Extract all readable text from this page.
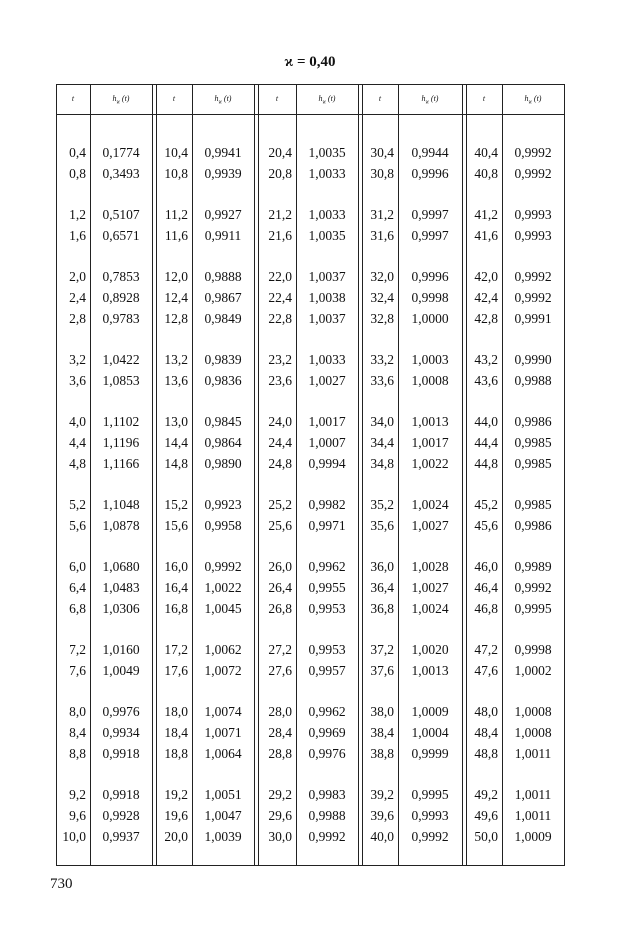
ϰ = 0,40
t	$h_ϰ$ (t)	t	$h_ϰ$ (t)	t	$h_ϰ$ (t)	t	$h_ϰ$ (t)	t	$h_ϰ$ (t)
0,4	0,1774	10,4	0,9941	20,4	1,0035	30,4	0,9944	40,4	0,9992
0,8	0,3493	10,8	0,9939	20,8	1,0033	30,8	0,9996	40,8	0,9992
1,2	0,5107	11,2	0,9927	21,2	1,0033	31,2	0,9997	41,2	0,9993
1,6	0,6571	11,6	0,9911	21,6	1,0035	31,6	0,9997	41,6	0,9993
2,0	0,7853	12,0	0,9888	22,0	1,0037	32,0	0,9996	42,0	0,9992
2,4	0,8928	12,4	0,9867	22,4	1,0038	32,4	0,9998	42,4	0,9992
2,8	0,9783	12,8	0,9849	22,8	1,0037	32,8	1,0000	42,8	0,9991
3,2	1,0422	13,2	0,9839	23,2	1,0033	33,2	1,0003	43,2	0,9990
3,6	1,0853	13,6	0,9836	23,6	1,0027	33,6	1,0008	43,6	0,9988
4,0	1,1102	13,0	0,9845	24,0	1,0017	34,0	1,0013	44,0	0,9986
4,4	1,1196	14,4	0,9864	24,4	1,0007	34,4	1,0017	44,4	0,9985
4,8	1,1166	14,8	0,9890	24,8	0,9994	34,8	1,0022	44,8	0,9985
5,2	1,1048	15,2	0,9923	25,2	0,9982	35,2	1,0024	45,2	0,9985
5,6	1,0878	15,6	0,9958	25,6	0,9971	35,6	1,0027	45,6	0,9986
6,0	1,0680	16,0	0,9992	26,0	0,9962	36,0	1,0028	46,0	0,9989
6,4	1,0483	16,4	1,0022	26,4	0,9955	36,4	1,0027	46,4	0,9992
6,8	1,0306	16,8	1,0045	26,8	0,9953	36,8	1,0024	46,8	0,9995
7,2	1,0160	17,2	1,0062	27,2	0,9953	37,2	1,0020	47,2	0,9998
7,6	1,0049	17,6	1,0072	27,6	0,9957	37,6	1,0013	47,6	1,0002
8,0	0,9976	18,0	1,0074	28,0	0,9962	38,0	1,0009	48,0	1,0008
8,4	0,9934	18,4	1,0071	28,4	0,9969	38,4	1,0004	48,4	1,0008
8,8	0,9918	18,8	1,0064	28,8	0,9976	38,8	0,9999	48,8	1,0011
9,2	0,9918	19,2	1,0051	29,2	0,9983	39,2	0,9995	49,2	1,0011
9,6	0,9928	19,6	1,0047	29,6	0,9988	39,6	0,9993	49,6	1,0011
10,0	0,9937	20,0	1,0039	30,0	0,9992	40,0	0,9992	50,0	1,0009
730
